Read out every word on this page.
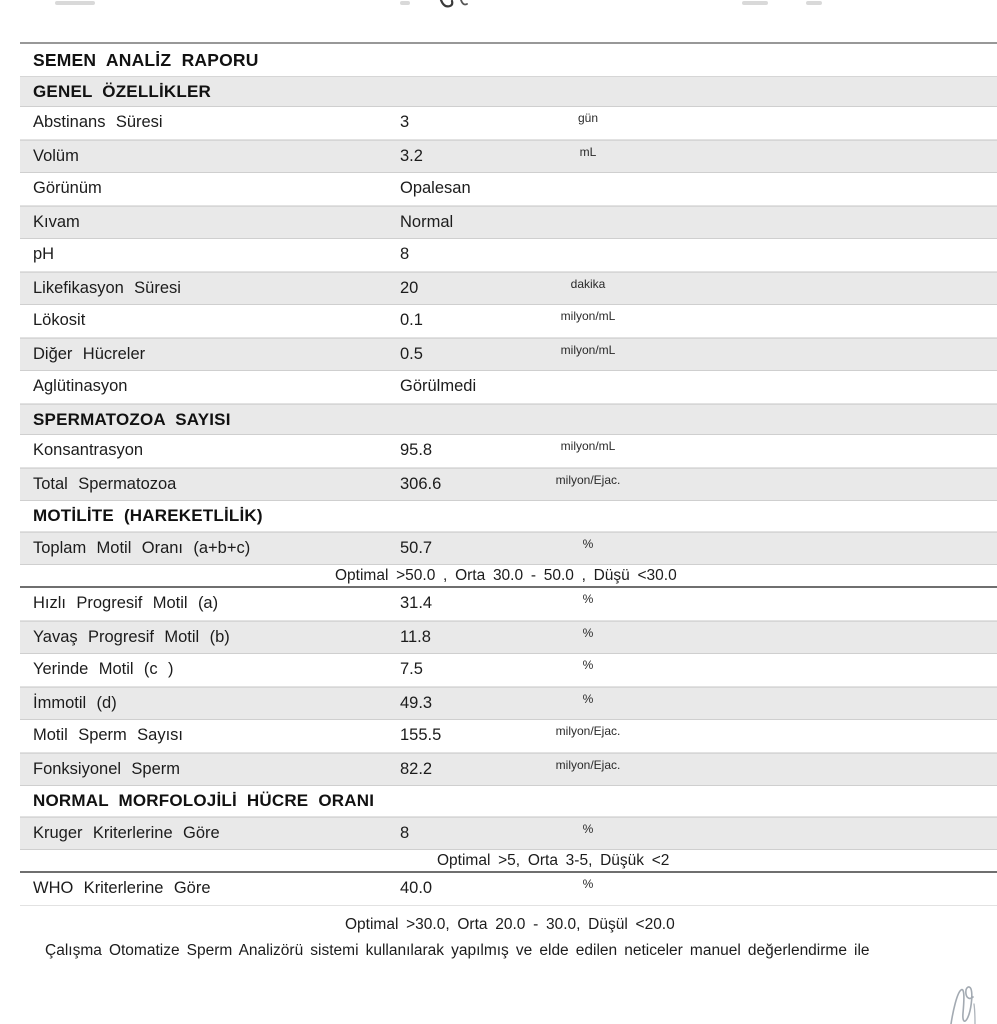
SEMEN ANALİZ RAPORU
GENEL ÖZELLİKLER
Abstinans Süresi	3	gün
Volüm	3.2	mL
Görünüm	Opalesan
Kıvam	Normal
pH	8
Likefikasyon Süresi	20	dakika
Lökosit	0.1	milyon/mL
Diğer Hücreler	0.5	milyon/mL
Aglütinasyon	Görülmedi
SPERMATOZOA SAYISI
Konsantrasyon	95.8	milyon/mL
Total Spermatozoa	306.6	milyon/Ejac.
MOTİLİTE (HAREKETLİLİK)
Toplam Motil Oranı (a+b+c)	50.7	%
Optimal >50.0 , Orta 30.0 - 50.0 , Düşü <30.0
Hızlı Progresif Motil (a)	31.4	%
Yavaş Progresif Motil (b)	11.8	%
Yerinde Motil (c )	7.5	%
İmmotil (d)	49.3	%
Motil Sperm Sayısı	155.5	milyon/Ejac.
Fonksiyonel Sperm	82.2	milyon/Ejac.
NORMAL MORFOLOJİLİ HÜCRE ORANI
Kruger Kriterlerine Göre	8	%
Optimal >5, Orta 3-5, Düşük <2
WHO Kriterlerine Göre	40.0	%
Optimal >30.0, Orta 20.0 - 30.0, Düşül <20.0
Çalışma Otomatize Sperm Analizörü sistemi kullanılarak yapılmış ve elde edilen neticeler manuel değerlendirme ile
